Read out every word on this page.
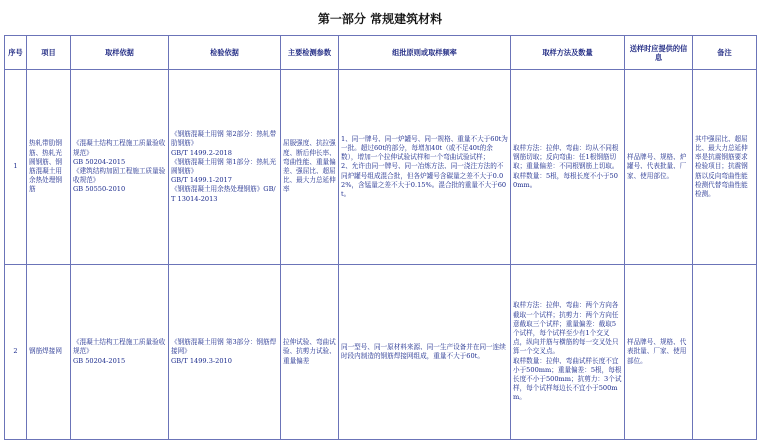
第一部分 常规建筑材料
序号	项目	取样依据	检验依据	主要检测参数	组批原则或取样频率	取样方法及数量	送样时应提供的信息	备注
1	热轧带肋钢筋、热轧光圆钢筋、钢筋混凝土用余热处理钢筋	《混凝土结构工程施工质量验收规范》
GB 50204-2015
《建筑结构加固工程施工质量验收规范》
GB 50550-2010	《钢筋混凝土用钢 第2部分：热轧带肋钢筋》
GB/T 1499.2-2018
《钢筋混凝土用钢 第1部分：热轧光圆钢筋》
GB/T 1499.1-2017
《钢筋混凝土用余热处理钢筋》GB/T 13014-2013	屈服强度、抗拉强度、断后伸长率、弯曲性能、重量偏差、强屈比、超屈比、最大力总延伸率	1、同一牌号、同一炉罐号、同一规格、重量不大于60t为一批。超过60t的部分，每增加40t（或不足40t的余数），增加一个拉伸试验试样和一个弯曲试验试样；
2、允许由同一牌号、同一冶炼方法、同一浇注方法的不同炉罐号组成混合批，但各炉罐号含碳量之差不大于0.02%，含锰量之差不大于0.15%。混合批的重量不大于60t。	取样方法：拉伸、弯曲：均从不同根钢筋切取；反向弯曲：任1根钢筋切取；重量偏差：不同根钢筋上切取。
取样数量：5根，每根长度不小于500mm。	样品牌号、规格、炉罐号、代表批量、厂家、使用部位。	其中强屈比、超屈比、最大力总延伸率是抗震钢筋要求检验项目；抗震钢筋以反向弯曲性能检测代替弯曲性能检测。
2	钢筋焊接网	《混凝土结构工程施工质量验收规范》
GB 50204-2015	《钢筋混凝土用钢 第3部分：钢筋焊接网》
GB/T 1499.3-2010	拉伸试验、弯曲试验、抗剪力试验、重量偏差	同一型号、同一原材料来源、同一生产设备并在同一连续时段内制造的钢筋焊接网组成，重量不大于60t。	取样方法：拉伸、弯曲：两个方向各截取一个试样；抗剪力：两个方向任意截取三个试样；重量偏差：截取5个试样，每个试样至少有1个交叉点，纵向并筋与横筋的每一交叉处只算一个交叉点。
取样数量：拉伸、弯曲试样长度不宜小于500mm；重量偏差：5根，每根长度不小于500mm；抗剪力：3个试样，每个试样每边长不宜小于500mm。	样品牌号、规格、代表批量、厂家、使用部位。	
